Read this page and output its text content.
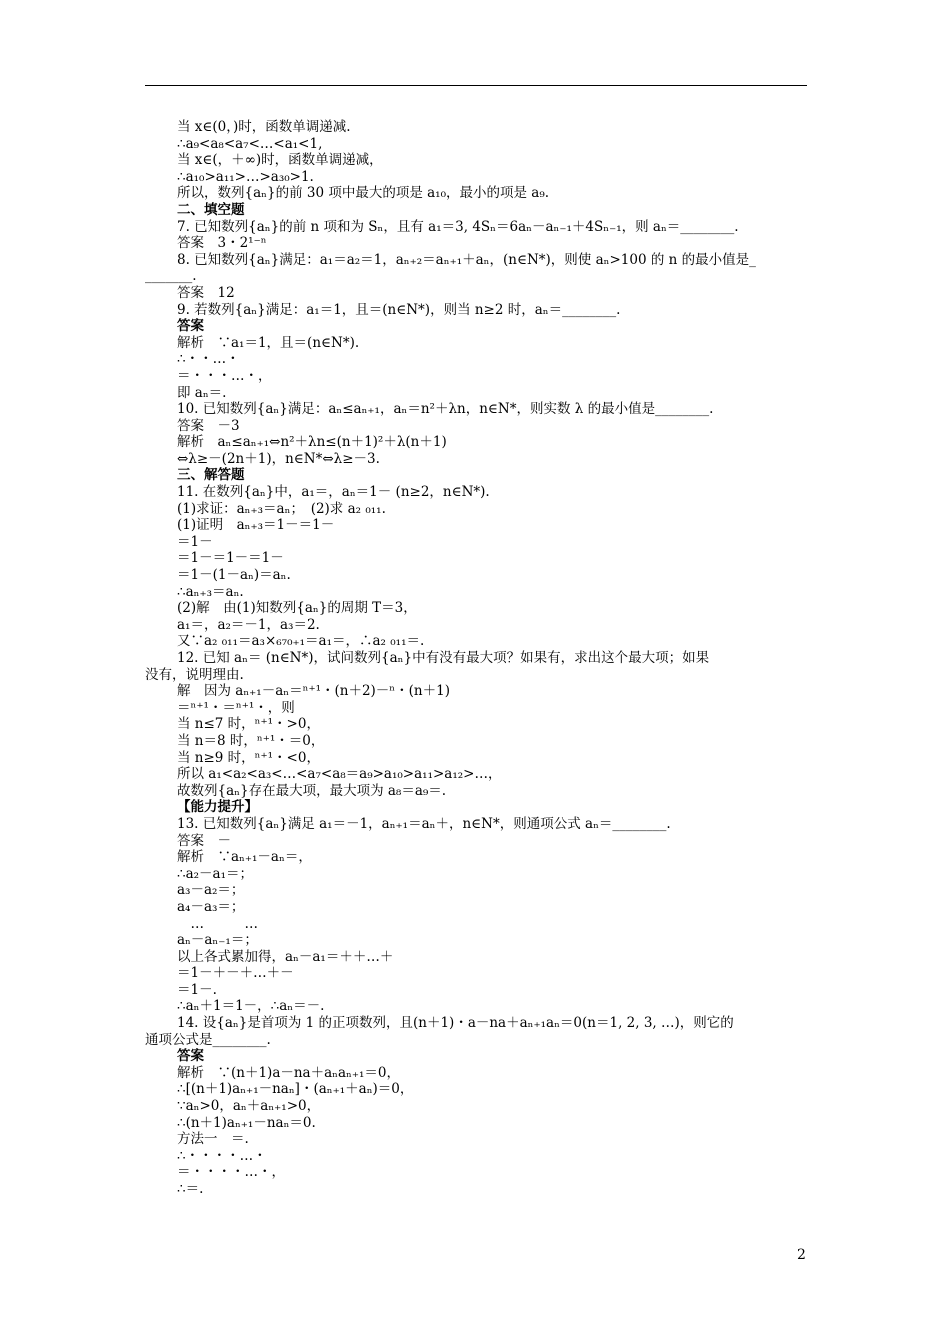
当 x∈(0，)时，函数单调递减.
∴a₉<a₈<a₇<…<a₁<1,
当 x∈(，＋∞)时，函数单调递减，
∴a₁₀>a₁₁>…>a₃₀>1.
所以，数列{aₙ}的前 30 项中最大的项是 a₁₀，最小的项是 a₉.
二、填空题
7. 已知数列{aₙ}的前 n 项和为 Sₙ，且有 a₁＝3, 4Sₙ＝6aₙ－aₙ₋₁＋4Sₙ₋₁，则 aₙ＝________.
答案　3・2¹⁻ⁿ
8. 已知数列{aₙ}满足：a₁＝a₂＝1，aₙ₊₂＝aₙ₊₁＋aₙ，(n∈N*)，则使 aₙ>100 的 n 的最小值是_
_______.
答案　12
9. 若数列{aₙ}满足：a₁＝1，且＝(n∈N*)，则当 n≥2 时，aₙ＝________.
答案
解析　∵a₁＝1，且＝(n∈N*).
∴・・…・
＝・・・…・，
即 aₙ＝.
10. 已知数列{aₙ}满足：aₙ≤aₙ₊₁，aₙ＝n²＋λn，n∈N*，则实数 λ 的最小值是________.
答案　－3
解析　aₙ≤aₙ₊₁⇔n²＋λn≤(n＋1)²＋λ(n＋1)
⇔λ≥－(2n＋1)，n∈N*⇔λ≥－3.
三、解答题
11. 在数列{aₙ}中，a₁＝，aₙ＝1－ (n≥2，n∈N*).
(1)求证：aₙ₊₃＝aₙ；　(2)求 a₂ ₀₁₁.
(1)证明　aₙ₊₃＝1－＝1－
＝1－
＝1－＝1－＝1－
＝1－(1－aₙ)＝aₙ.
∴aₙ₊₃＝aₙ.
(2)解　由(1)知数列{aₙ}的周期 T＝3，
a₁＝，a₂＝－1，a₃＝2.
又∵a₂ ₀₁₁＝a₃×₆₇₀₊₁＝a₁＝，∴a₂ ₀₁₁＝.
12. 已知 aₙ＝ (n∈N*)，试问数列{aₙ}中有没有最大项？如果有，求出这个最大项；如果
没有，说明理由.
解　因为 aₙ₊₁－aₙ＝ⁿ⁺¹・(n＋2)－ⁿ・(n＋1)
＝ⁿ⁺¹・＝ⁿ⁺¹・，则
当 n≤7 时，ⁿ⁺¹・>0，
当 n＝8 时，ⁿ⁺¹・＝0，
当 n≥9 时，ⁿ⁺¹・<0，
所以 a₁<a₂<a₃<…<a₇<a₈＝a₉>a₁₀>a₁₁>a₁₂>…，
故数列{aₙ}存在最大项，最大项为 a₈＝a₉＝.
【能力提升】
13. 已知数列{aₙ}满足 a₁＝－1，aₙ₊₁＝aₙ＋，n∈N*，则通项公式 aₙ＝________.
答案　－
解析　∵aₙ₊₁－aₙ＝，
∴a₂－a₁＝；
a₃－a₂＝；
a₄－a₃＝；
　…　　　…
aₙ－aₙ₋₁＝；
以上各式累加得，aₙ－a₁＝＋＋…＋
＝1－＋－＋…＋－
＝1－.
∴aₙ＋1＝1－，∴aₙ＝－.
14. 设{aₙ}是首项为 1 的正项数列，且(n＋1)・a－na＋aₙ₊₁aₙ＝0(n＝1, 2, 3, …)，则它的
通项公式是________.
答案
解析　∵(n＋1)a－na＋aₙaₙ₊₁＝0，
∴[(n＋1)aₙ₊₁－naₙ]・(aₙ₊₁＋aₙ)＝0，
∵aₙ>0，aₙ＋aₙ₊₁>0，
∴(n＋1)aₙ₊₁－naₙ＝0.
方法一　＝.
∴・・・・…・
＝・・・・…・，
∴＝.
2
